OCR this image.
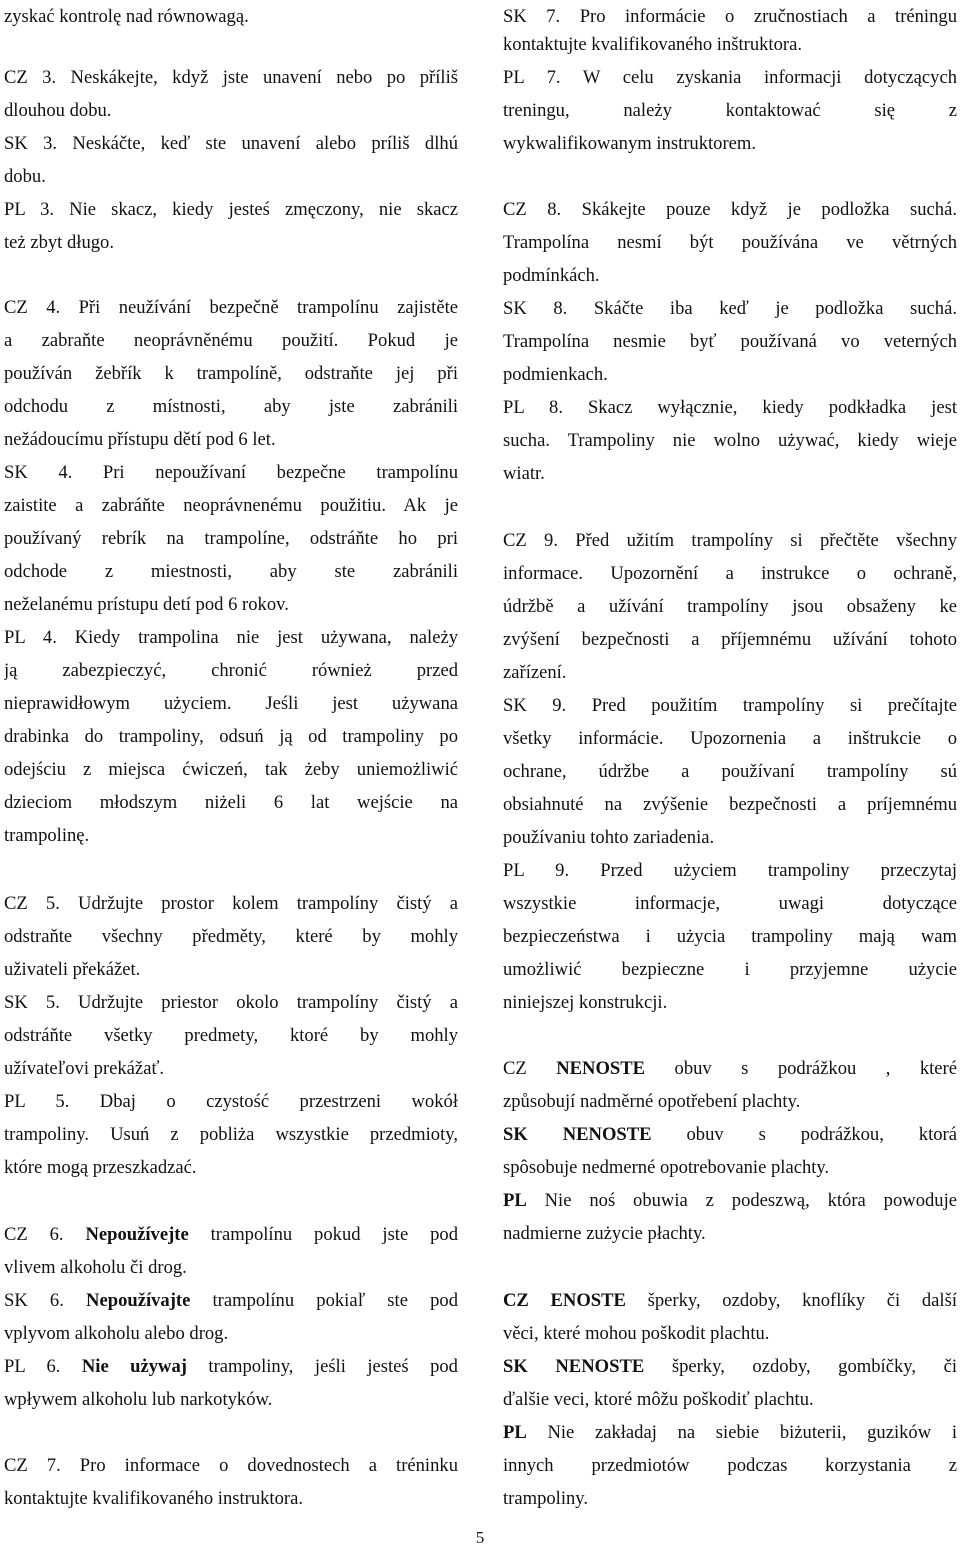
zyskać kontrolę nad równowagą.
CZ 3. Neskákejte, když jste unavení nebo po příliš
dlouhou dobu.
SK 3. Neskáčte, keď ste unavení alebo príliš dlhú
dobu.
PL 3. Nie skacz, kiedy jesteś zmęczony, nie skacz
też zbyt długo.
CZ 4. Při neužívání bezpečně trampolínu zajistěte
a zabraňte neoprávněnému použití. Pokud je
používán žebřík k trampolíně, odstraňte jej při
odchodu z místnosti, aby jste zabránili
nežádoucímu přístupu dětí pod 6 let.
SK 4. Pri nepoužívaní bezpečne trampolínu
zaistite a zabráňte neoprávnenému použitiu. Ak je
používaný rebrík na trampolíne, odstráňte ho pri
odchode z miestnosti, aby ste zabránili
neželanému prístupu detí pod 6 rokov.
PL 4. Kiedy trampolina nie jest używana, należy
ją zabezpieczyć, chronić również przed
nieprawidłowym użyciem. Jeśli jest używana
drabinka do trampoliny, odsuń ją od trampoliny po
odejściu z miejsca ćwiczeń, tak żeby uniemożliwić
dzieciom młodszym niżeli 6 lat wejście na
trampolinę.
CZ 5. Udržujte prostor kolem trampolíny čistý a
odstraňte všechny předměty, které by mohly
uživateli překážet.
SK 5. Udržujte priestor okolo trampolíny čistý a
odstráňte všetky predmety, ktoré by mohly
užívateľovi prekážať.
PL 5. Dbaj o czystość przestrzeni wokół
trampoliny. Usuń z pobliża wszystkie przedmioty,
które mogą przeszkadzać.
CZ 6. Nepoužívejte trampolínu pokud jste pod
vlivem alkoholu či drog.
SK 6. Nepoužívajte trampolínu pokiaľ ste pod
vplyvom alkoholu alebo drog.
PL 6. Nie używaj trampoliny, jeśli jesteś pod
wpływem alkoholu lub narkotyków.
CZ 7. Pro informace o dovednostech a tréninku
kontaktujte kvalifikovaného instruktora.
SK 7. Pro informácie o zručnostiach a tréningu
kontaktujte kvalifikovaného inštruktora.
PL 7. W celu zyskania informacji dotyczących
treningu, należy kontaktować się z
wykwalifikowanym instruktorem.
CZ 8. Skákejte pouze když je podložka suchá.
Trampolína nesmí být používána ve větrných
podmínkách.
SK 8. Skáčte iba keď je podložka suchá.
Trampolína nesmie byť používaná vo veterných
podmienkach.
PL 8. Skacz wyłącznie, kiedy podkładka jest
sucha. Trampoliny nie wolno używać, kiedy wieje
wiatr.
CZ 9. Před užitím trampolíny si přečtěte všechny
informace. Upozornění a instrukce o ochraně,
údržbě a užívání trampolíny jsou obsaženy ke
zvýšení bezpečnosti a příjemnému užívání tohoto
zařízení.
SK 9. Pred použitím trampolíny si prečítajte
všetky informácie. Upozornenia a inštrukcie o
ochrane, údržbe a používaní trampolíny sú
obsiahnuté na zvýšenie bezpečnosti a príjemnému
používaniu tohto zariadenia.
PL 9. Przed użyciem trampoliny przeczytaj
wszystkie informacje, uwagi dotyczące
bezpieczeństwa i użycia trampoliny mają wam
umożliwić bezpieczne i przyjemne użycie
niniejszej konstrukcji.
CZ NENOSTE obuv s podrážkou , které
způsobují nadměrné opotřebení plachty.
SK NENOSTE obuv s podrážkou, ktorá
spôsobuje nedmerné opotrebovanie plachty.
PL Nie noś obuwia z podeszwą, która powoduje
nadmierne zużycie płachty.
CZ ENOSTE šperky, ozdoby, knoflíky či další
věci, které mohou poškodit plachtu.
SK NENOSTE šperky, ozdoby, gombíčky, či
ďalšie veci, ktoré môžu poškodiť plachtu.
PL Nie zakładaj na siebie biżuterii, guzików i
innych przedmiotów podczas korzystania z
trampoliny.
5
